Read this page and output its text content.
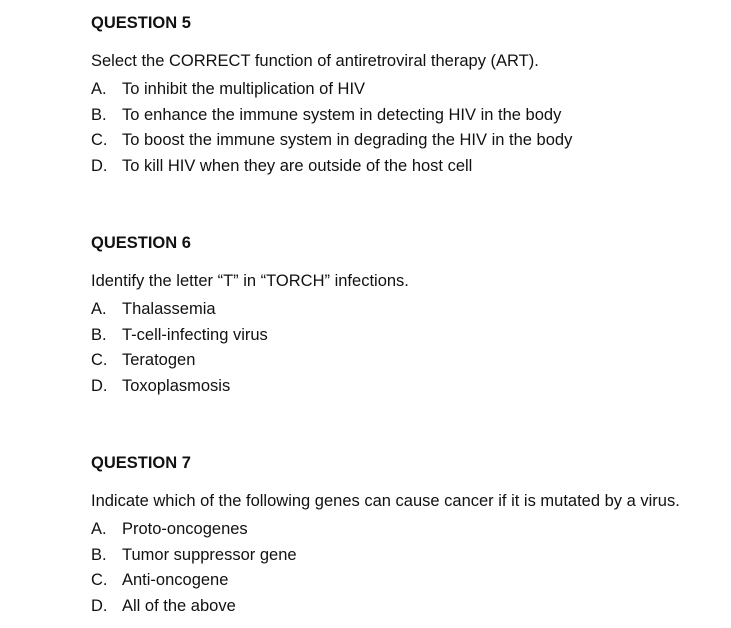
QUESTION 5
Select the CORRECT function of antiretroviral therapy (ART).
A. To inhibit the multiplication of HIV
B. To enhance the immune system in detecting HIV in the body
C. To boost the immune system in degrading the HIV in the body
D. To kill HIV when they are outside of the host cell
QUESTION 6
Identify the letter “T” in “TORCH” infections.
A. Thalassemia
B. T-cell-infecting virus
C. Teratogen
D. Toxoplasmosis
QUESTION 7
Indicate which of the following genes can cause cancer if it is mutated by a virus.
A. Proto-oncogenes
B. Tumor suppressor gene
C. Anti-oncogene
D. All of the above
